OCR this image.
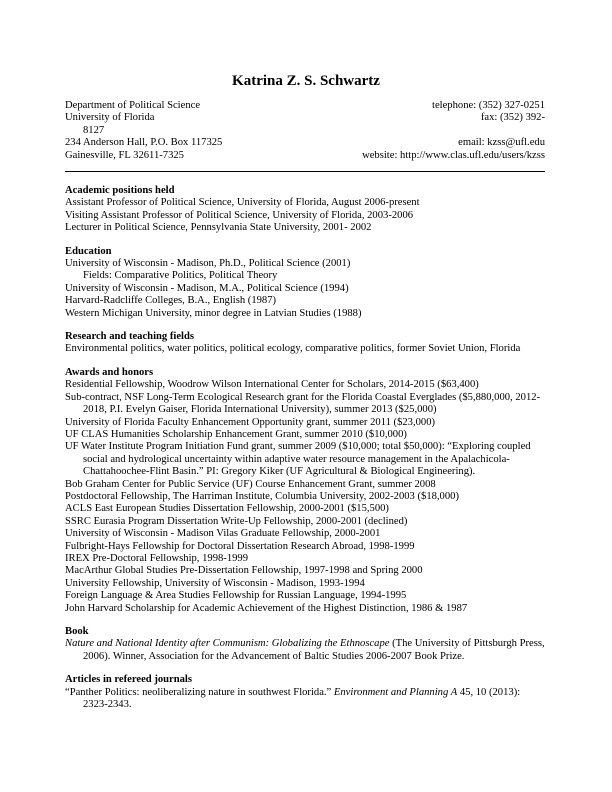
Katrina Z. S. Schwartz
Department of Political Science	telephone: (352) 327-0251
University of Florida	fax: (352) 392-
8127
234 Anderson Hall, P.O. Box 117325	email: kzss@ufl.edu
Gainesville, FL 32611-7325	website: http://www.clas.ufl.edu/users/kzss
Academic positions held
Assistant Professor of Political Science, University of Florida, August 2006-present
Visiting Assistant Professor of Political Science, University of Florida, 2003-2006
Lecturer in Political Science, Pennsylvania State University, 2001- 2002
Education
University of Wisconsin - Madison, Ph.D., Political Science (2001)
Fields: Comparative Politics, Political Theory
University of Wisconsin - Madison, M.A., Political Science (1994)
Harvard-Radcliffe Colleges, B.A., English (1987)
Western Michigan University, minor degree in Latvian Studies (1988)
Research and teaching fields
Environmental politics, water politics, political ecology, comparative politics, former Soviet Union, Florida
Awards and honors
Residential Fellowship, Woodrow Wilson International Center for Scholars, 2014-2015 ($63,400)
Sub-contract, NSF Long-Term Ecological Research grant for the Florida Coastal Everglades ($5,880,000, 2012-2018, P.I. Evelyn Gaiser, Florida International University), summer 2013 ($25,000)
University of Florida Faculty Enhancement Opportunity grant, summer 2011 ($23,000)
UF CLAS Humanities Scholarship Enhancement Grant, summer 2010 ($10,000)
UF Water Institute Program Initiation Fund grant, summer 2009 ($10,000; total $50,000): “Exploring coupled social and hydrological uncertainty within adaptive water resource management in the Apalachicola-Chattahoochee-Flint Basin.” PI: Gregory Kiker (UF Agricultural & Biological Engineering).
Bob Graham Center for Public Service (UF) Course Enhancement Grant, summer 2008
Postdoctoral Fellowship, The Harriman Institute, Columbia University, 2002-2003 ($18,000)
ACLS East European Studies Dissertation Fellowship, 2000-2001 ($15,500)
SSRC Eurasia Program Dissertation Write-Up Fellowship, 2000-2001 (declined)
University of Wisconsin - Madison Vilas Graduate Fellowship, 2000-2001
Fulbright-Hays Fellowship for Doctoral Dissertation Research Abroad, 1998-1999
IREX Pre-Doctoral Fellowship, 1998-1999
MacArthur Global Studies Pre-Dissertation Fellowship, 1997-1998 and Spring 2000
University Fellowship, University of Wisconsin - Madison, 1993-1994
Foreign Language & Area Studies Fellowship for Russian Language, 1994-1995
John Harvard Scholarship for Academic Achievement of the Highest Distinction, 1986 & 1987
Book
Nature and National Identity after Communism: Globalizing the Ethnoscape (The University of Pittsburgh Press, 2006). Winner, Association for the Advancement of Baltic Studies 2006-2007 Book Prize.
Articles in refereed journals
“Panther Politics: neoliberalizing nature in southwest Florida.” Environment and Planning A 45, 10 (2013): 2323-2343.
